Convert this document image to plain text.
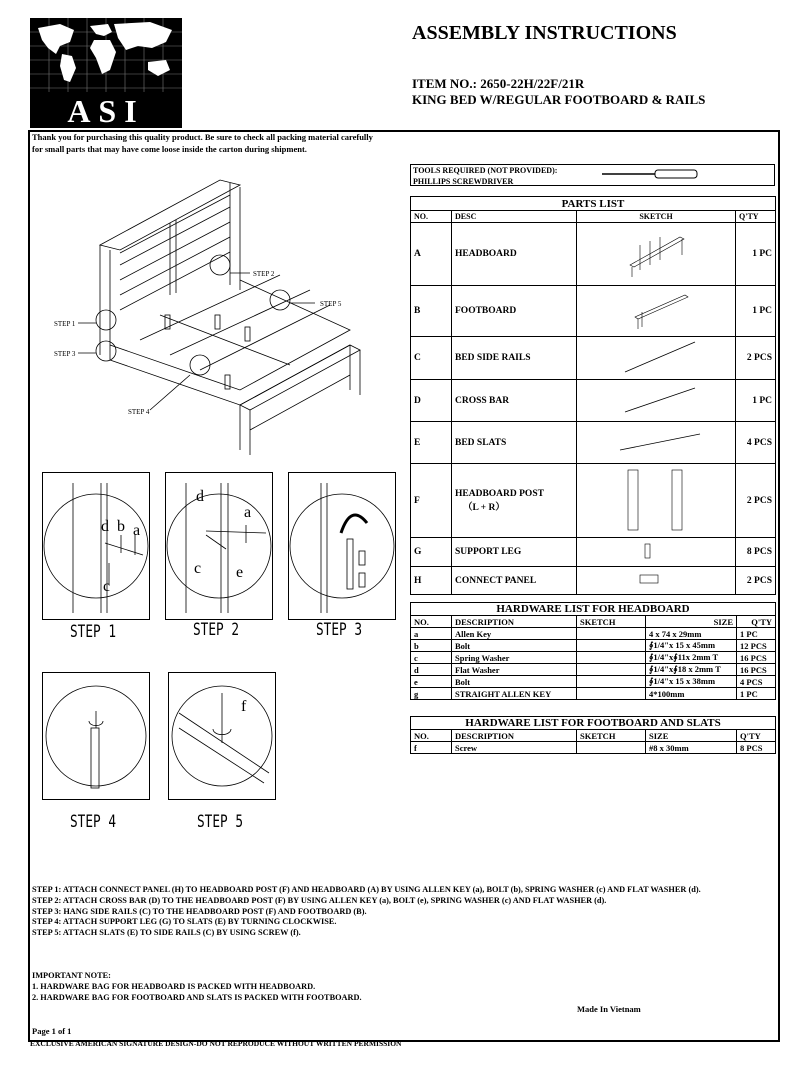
ASI
ASSEMBLY INSTRUCTIONS
ITEM NO.: 2650-22H/22F/21R
KING BED W/REGULAR FOOTBOARD & RAILS
Thank you for purchasing this quality product. Be sure to check all packing material carefully
for small parts that may have come loose inside the carton during shipment.
STEP 1
STEP 2
STEP 3
STEP 4
STEP 5
d b a
c
d
a
c e
f
STEP 1	STEP 2	STEP 3
STEP 4	STEP 5
TOOLS REQUIRED (NOT PROVIDED):
PHILLIPS SCREWDRIVER
PARTS LIST			
NO.	DESC	SKETCH	Q'TY
A	HEADBOARD		1 PC
B	FOOTBOARD		1 PC
C	BED SIDE RAILS		2 PCS
D	CROSS BAR		1 PC
E	BED SLATS		4 PCS
F	HEADBOARD POST
（L + R）		2 PCS
G	SUPPORT LEG		8 PCS
H	CONNECT PANEL		2 PCS
HARDWARE LIST FOR HEADBOARD				
NO.	DESCRIPTION	SKETCH	SIZE	Q'TY
a	Allen Key		4 x 74 x 29mm	1 PC
b	Bolt		∮1/4"x 15 x 45mm	12 PCS
c	Spring Washer		∮1/4"x∮11x 2mm T	16 PCS
d	Flat Washer		∮1/4"x∮18 x 2mm T	16 PCS
e	Bolt		∮1/4"x 15 x 38mm	4 PCS
g	STRAIGHT ALLEN KEY		4*100mm	1 PC
HARDWARE LIST FOR FOOTBOARD AND SLATS				
NO.	DESCRIPTION	SKETCH	SIZE	Q'TY
f	Screw		#8 x 30mm	8 PCS
STEP 1: ATTACH CONNECT PANEL (H) TO HEADBOARD POST (F) AND HEADBOARD (A) BY USING ALLEN KEY (a), BOLT (b), SPRING WASHER (c) AND FLAT WASHER (d).
STEP 2: ATTACH CROSS BAR (D) TO THE HEADBOARD POST (F) BY USING ALLEN KEY (a), BOLT (e), SPRING WASHER (c) AND FLAT WASHER (d).
STEP 3: HANG SIDE RAILS (C) TO THE HEADBOARD POST (F) AND FOOTBOARD (B).
STEP 4: ATTACH SUPPORT LEG (G) TO SLATS (E) BY TURNING CLOCKWISE.
STEP 5: ATTACH SLATS (E) TO SIDE RAILS (C) BY USING SCREW (f).
IMPORTANT NOTE:
1. HARDWARE BAG FOR HEADBOARD IS PACKED WITH HEADBOARD.
2. HARDWARE BAG FOR FOOTBOARD AND SLATS IS PACKED WITH FOOTBOARD.
Made In Vietnam
Page 1 of 1
EXCLUSIVE AMERICAN SIGNATURE DESIGN-DO NOT REPRODUCE WITHOUT WRITTEN PERMISSION
